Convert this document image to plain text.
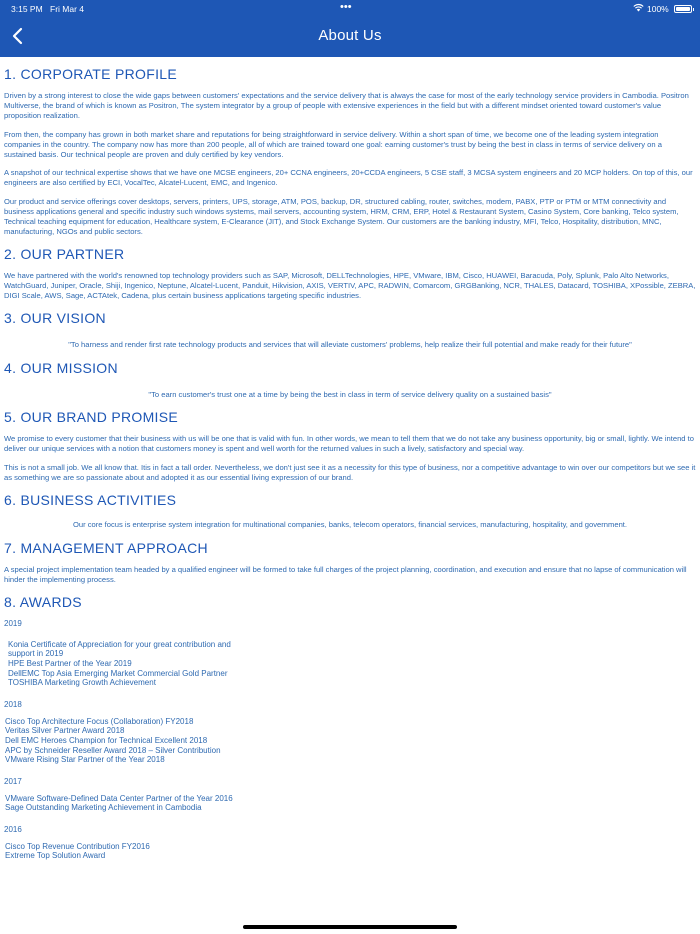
3:15 PM Fri Mar 4	•••	100%
About Us
1. CORPORATE PROFILE

Driven by a strong interest to close the wide gaps between customers' expectations and the service delivery that is always the case for most of the early technology service providers in Cambodia. Positron Multiverse, the brand of which is known as Positron, The system integrator by a group of people with extensive experiences in the field but with a different mindset oriented toward customer's value proposition realization.

From then, the company has grown in both market share and reputations for being straightforward in service delivery. Within a short span of time, we become one of the leading system integration companies in the country. The company now has more than 200 people, all of which are trained toward one goal: earning customer's trust by being the best in class in terms of service delivery on a sustained basis. Our technical people are proven and duly certified by key vendors.

A snapshot of our technical expertise shows that we have one MCSE engineers, 20+ CCNA engineers, 20+CCDA engineers, 5 CSE staff, 3 MCSA system engineers and 20 MCP holders. On top of this, our engineers are also certified by ECI, VocalTec, Alcatel-Lucent, EMC, and Ingenico.

Our product and service offerings cover desktops, servers, printers, UPS, storage, ATM, POS, backup, DR, structured cabling, router, switches, modem, PABX, PTP or PTM or MTM connectivity and business applications general and specific industry such windows systems, mail servers, accounting system, HRM, CRM, ERP, Hotel & Restaurant System, Casino System, Core banking, Telco system, Technical teaching equipment for education, Healthcare system, E-Clearance (JIT), and Stock Exchange System. Our customers are the banking industry, MFI, Telco, Hospitality, distribution, MNC, manufacturing, NGOs and public sectors.

2. OUR PARTNER

We have partnered with the world's renowned top technology providers such as SAP, Microsoft, DELLTechnologies, HPE, VMware, IBM, Cisco, HUAWEI, Baracuda, Poly, Splunk, Palo Alto Networks, WatchGuard, Juniper, Oracle, Shiji, Ingenico, Neptune, Alcatel-Lucent, Panduit, Hikvision, AXIS, VERTIV, APC, RADWIN, Comarcom, GRGBanking, NCR, THALES, Datacard, TOSHIBA, XPossible, ZEBRA, DIGI Scale, AWS, Sage, ACTAtek, Cadena, plus certain business applications targeting specific industries.

3. OUR VISION

"To harness and render first rate technology products and services that will alleviate customers' problems, help realize their full potential and make ready for their future"

4. OUR MISSION

"To earn customer's trust one at a time by being the best in class in term of service delivery quality on a sustained basis"

5. OUR BRAND PROMISE

We promise to every customer that their business with us will be one that is valid with fun. In other words, we mean to tell them that we do not take any business opportunity, big or small, lightly. We intend to deliver our unique services with a notion that customers money is spent and well worth for the returned values in such a lively, satisfactory and special way.

This is not a small job. We all know that. Itis in fact a tall order. Nevertheless, we don't just see it as a necessity for this type of business, nor a competitive advantage to win over our competitors but we see it as something we are so passionate about and adopted it as our essential living expression of our brand.

6. BUSINESS ACTIVITIES

Our core focus is enterprise system integration for multinational companies, banks, telecom operators, financial services, manufacturing, hospitality, and government.

7. MANAGEMENT APPROACH

A special project implementation team headed by a qualified engineer will be formed to take full charges of the project planning, coordination, and execution and ensure that no lapse of communication will hinder the implementing process.

8. AWARDS
2019
Konia Certificate of Appreciation for your great contribution and
support in 2019
HPE Best Partner of the Year 2019
DellEMC Top Asia Emerging Market Commercial Gold Partner
TOSHIBA Marketing Growth Achievement
2018
Cisco Top Architecture Focus (Collaboration) FY2018
Veritas Silver Partner Award 2018
Dell EMC Heroes Champion for Technical Excellent 2018
APC by Schneider Reseller Award 2018 – Silver Contribution
VMware Rising Star Partner of the Year 2018
2017
VMware Software-Defined Data Center Partner of the Year 2016
Sage Outstanding Marketing Achievement in Cambodia
2016
Cisco Top Revenue Contribution FY2016
Extreme Top Solution Award
